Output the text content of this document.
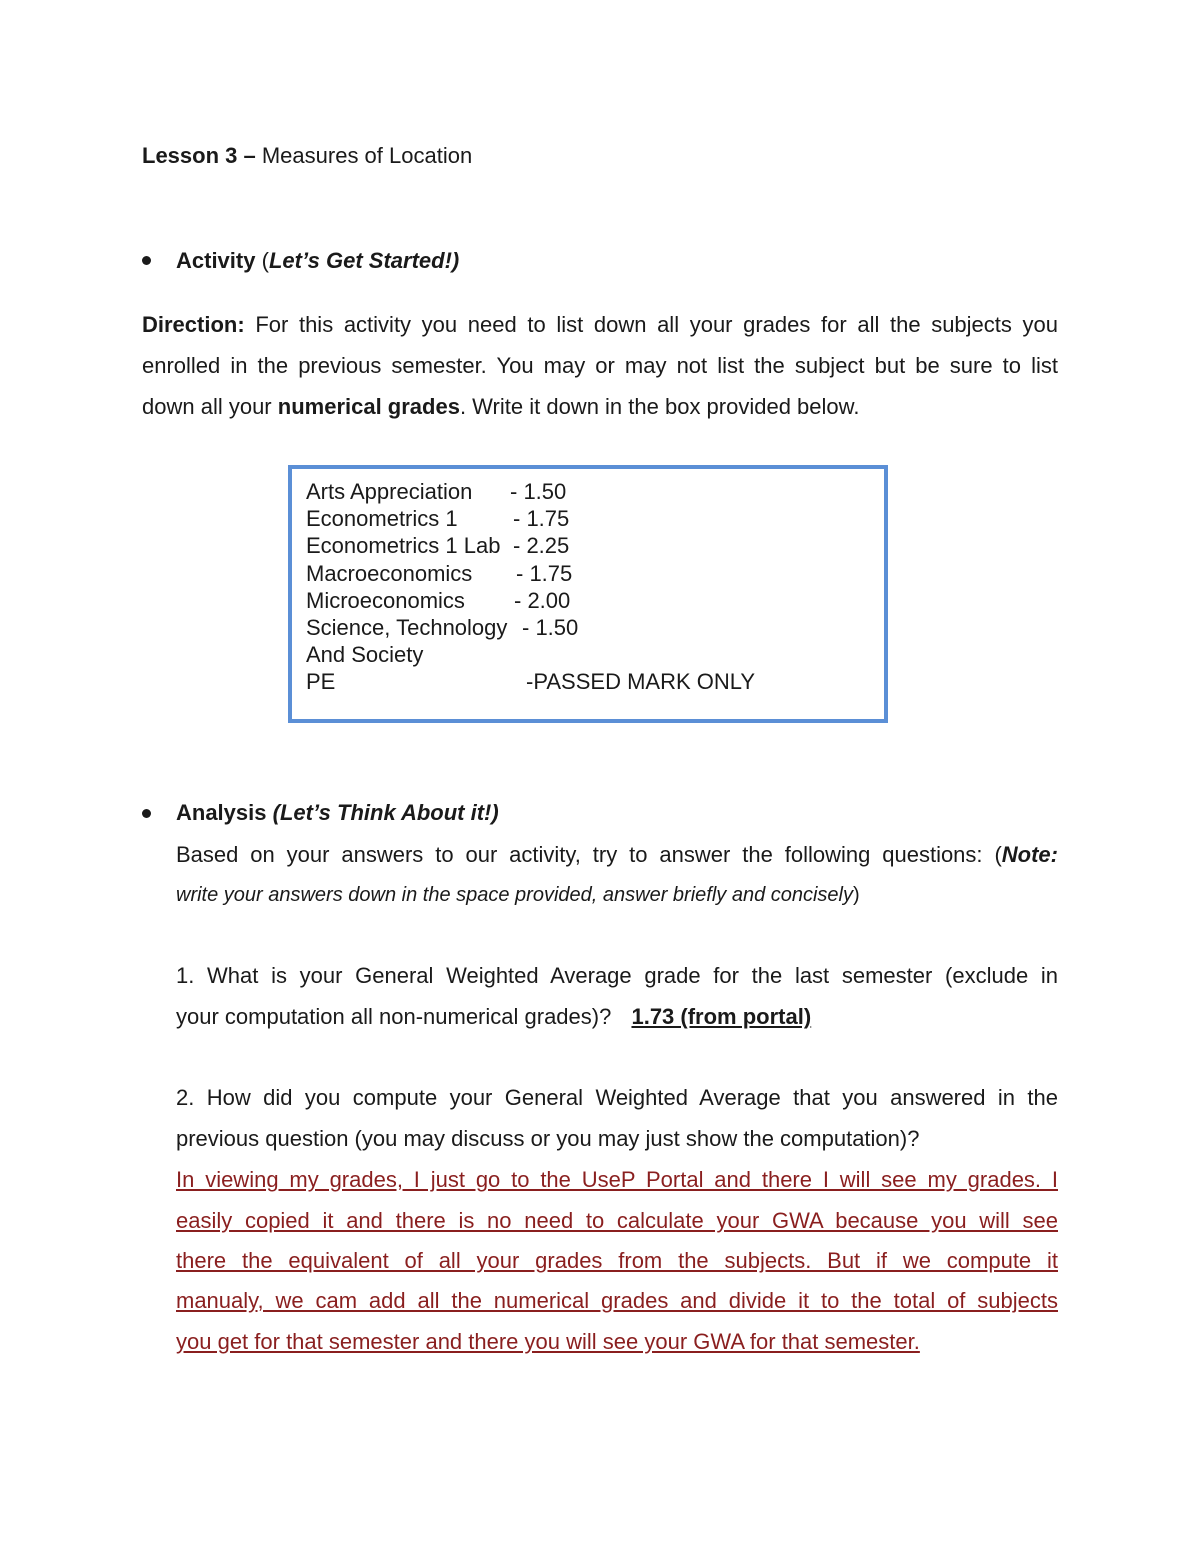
Lesson 3 – Measures of Location
Activity (Let’s Get Started!)
Direction: For this activity you need to list down all your grades for all the subjects you
enrolled in the previous semester. You may or may not list the subject but be sure to list
down all your numerical grades. Write it down in the box provided below.
Arts Appreciation - 1.50
Econometrics 1	- 1.75
Econometrics 1 Lab - 2.25
Macroeconomics - 1.75
Microeconomics - 2.00
Science, Technology - 1.50
And Society
PE	-PASSED MARK ONLY
Analysis (Let’s Think About it!)
Based on your answers to our activity, try to answer the following questions: (Note:
write your answers down in the space provided, answer briefly and concisely)
1. What is your General Weighted Average grade for the last semester (exclude in
your computation all non-numerical grades)? 1.73 (from portal)
2. How did you compute your General Weighted Average that you answered in the
previous question (you may discuss or you may just show the computation)?
In viewing my grades, I just go to the UseP Portal and there I will see my grades. I
easily copied it and there is no need to calculate your GWA because you will see
there the equivalent of all your grades from the subjects. But if we compute it
manualy, we cam add all the numerical grades and divide it to the total of subjects
you get for that semester and there you will see your GWA for that semester.
